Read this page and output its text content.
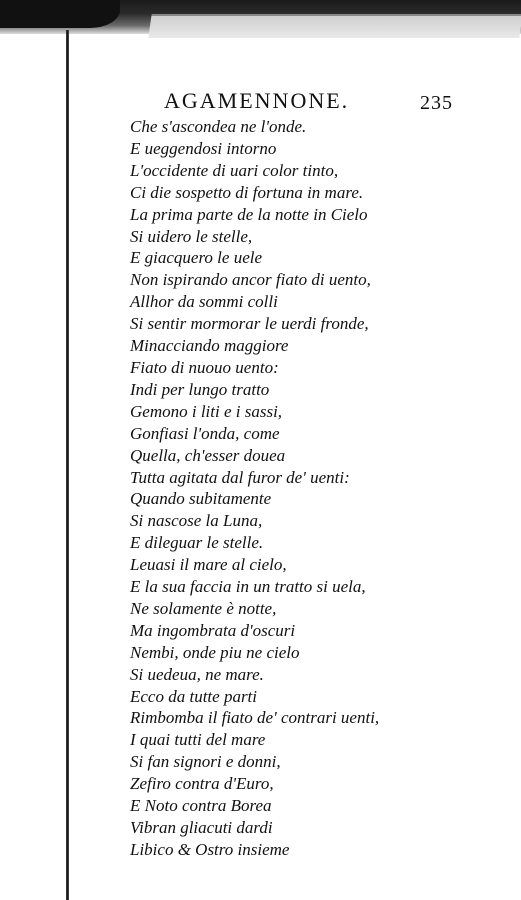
AGAMENNONE.	235
Che s'ascondea ne l'onde.
E ueggendosi intorno
L'occidente di uari color tinto,
Ci die sospetto di fortuna in mare.
La prima parte de la notte in Cielo
Si uidero le stelle,
E giacquero le uele
Non ispirando ancor fiato di uento,
Allhor da sommi colli
Si sentir mormorar le uerdi fronde,
Minacciando maggiore
Fiato di nuouo uento:
Indi per lungo tratto
Gemono i liti e i sassi,
Gonfiasi l'onda, come
Quella, ch'esser douea
Tutta agitata dal furor de' uenti:
Quando subitamente
Si nascose la Luna,
E dileguar le stelle.
Leuasi il mare al cielo,
E la sua faccia in un tratto si uela,
Ne solamente è notte,
Ma ingombrata d'oscuri
Nembi, onde piu ne cielo
Si uedeua, ne mare.
Ecco da tutte parti
Rimbomba il fiato de' contrari uenti,
I quai tutti del mare
Si fan signori e donni,
Zefiro contra d'Euro,
E Noto contra Borea
Vibran gliacuti dardi
Libico & Ostro insieme
